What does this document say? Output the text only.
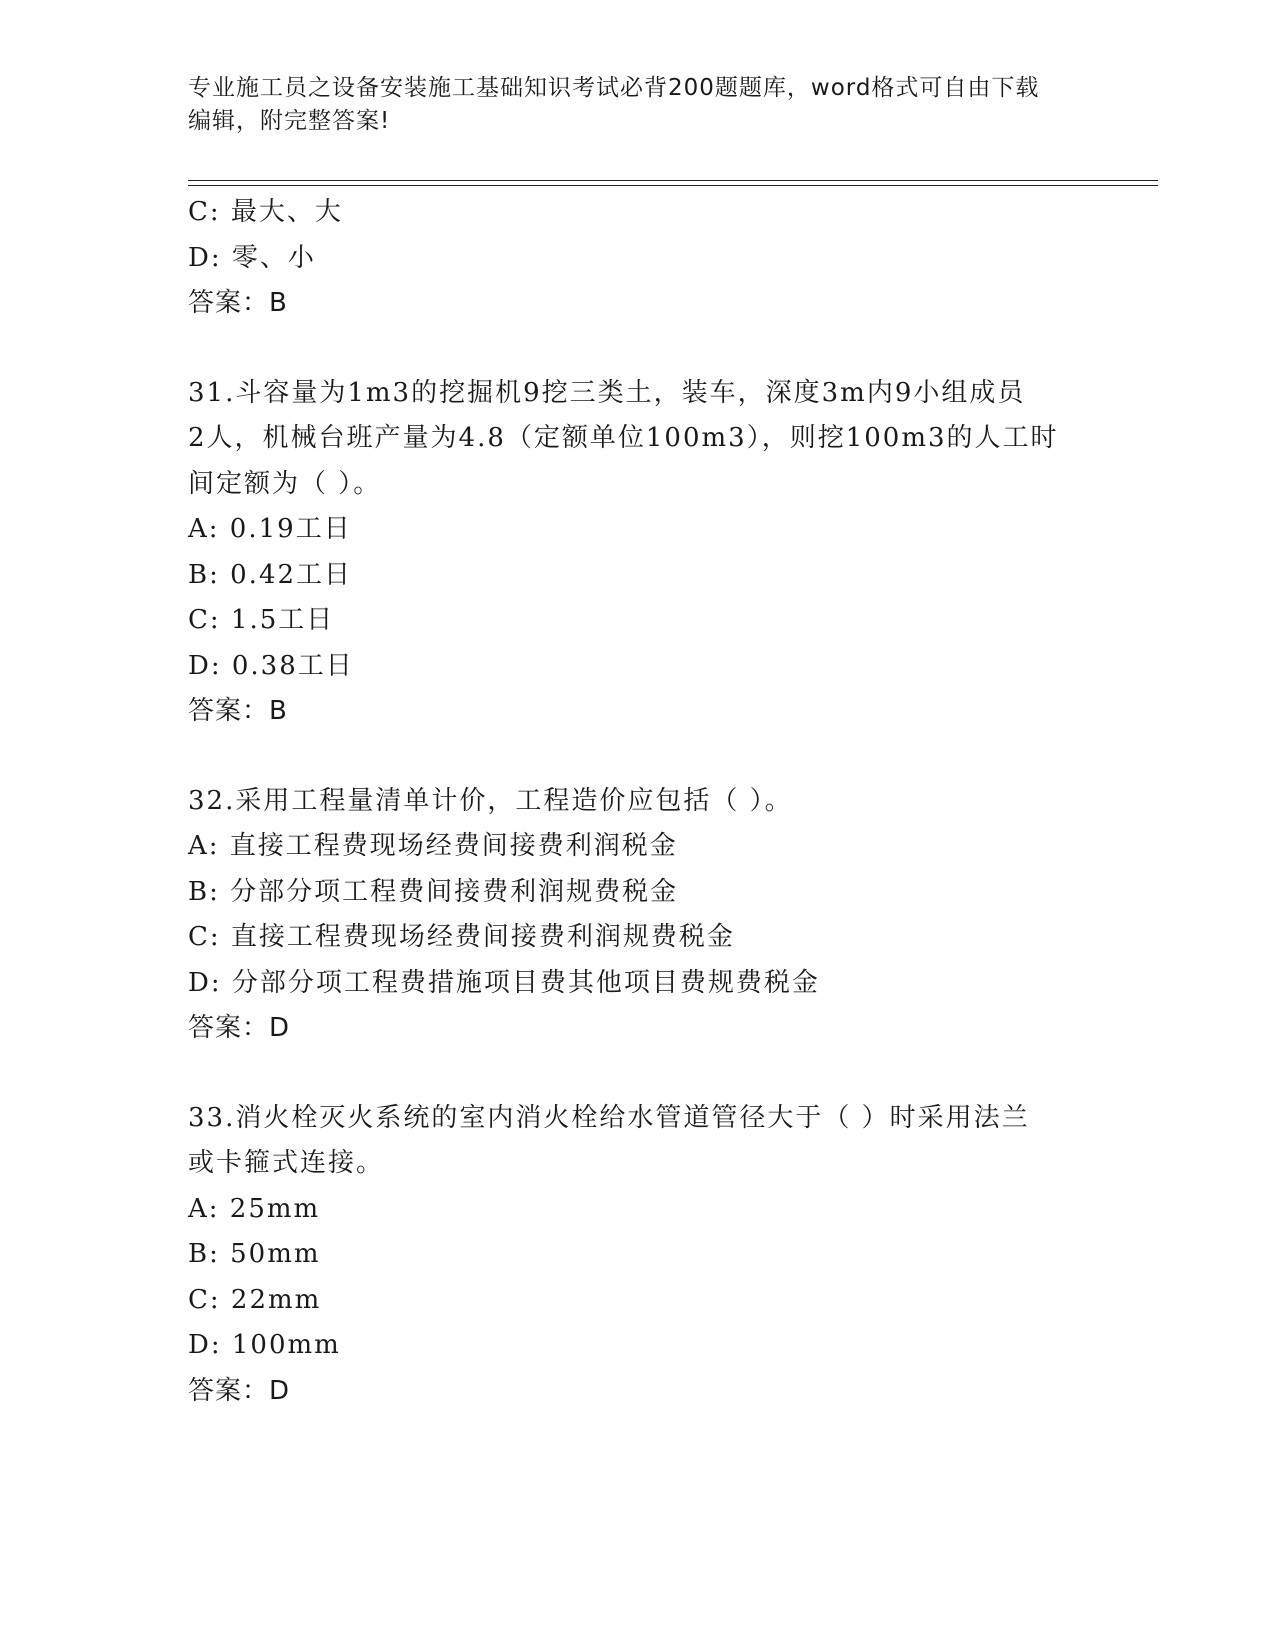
专业施工员之设备安装施工基础知识考试必背200题题库，word格式可自由下载
编辑，附完整答案!
C: 最大、大
D: 零、小
答案：B
31.斗容量为1m3的挖掘机9挖三类土，装车，深度3m内9小组成员
2人，机械台班产量为4.8（定额单位100m3），则挖100m3的人工时
间定额为（ ）。
A: 0.19工日
B: 0.42工日
C: 1.5工日
D: 0.38工日
答案：B
32.采用工程量清单计价，工程造价应包括（ ）。
A: 直接工程费现场经费间接费利润税金
B: 分部分项工程费间接费利润规费税金
C: 直接工程费现场经费间接费利润规费税金
D: 分部分项工程费措施项目费其他项目费规费税金
答案：D
33.消火栓灭火系统的室内消火栓给水管道管径大于（ ）时采用法兰
或卡箍式连接。
A: 25mm
B: 50mm
C: 22mm
D: 100mm
答案：D
